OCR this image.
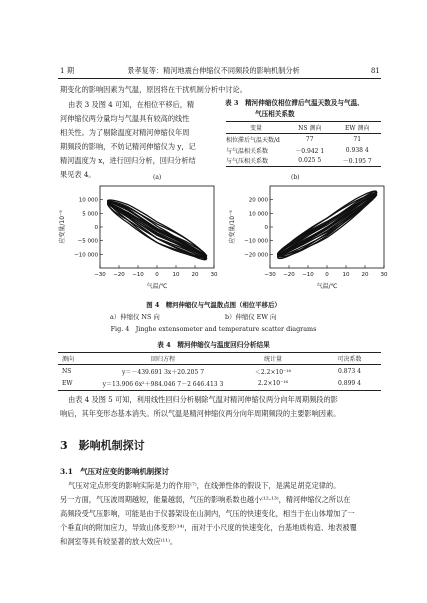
1 期	景孝复等：精河地震台伸缩仪不同频段的影响机制分析	81
期变化的影响因素为气温，原因将在干扰机制分析中讨论。
由表 3 及图 4 可知，在相位平移后，精
河伸缩仪两分量均与气温具有较高的线性
相关性。为了剔除温度对精河伸缩仪年周
期频段的影响，不妨记精河伸缩仪为 y，记
精河温度为 x，进行回归分析，回归分析结
果见表 4。
表 3　精河伸缩仪相位滞后气温天数及与气温、
气压相关系数
变量	NS 测向	EW 测向
相位滞后气温天数/d	77	71
与气温相关系数	－0.942 1	0.938 4
与气压相关系数	0.025 5	－0.195 7
(a)	(b)
−30 −20 −10 0	10 20 30
10 000
5 000
0
−5 000
−10 000
气温/℃
应变量/10⁻⁹
−30 −20 −10 0	10 20 30
20 000
10 000
0
−10 000
−20 000
气温/℃
应变量/10⁻⁹
图 4　精河伸缩仪与气温散点图（相位平移后）
a）伸缩仪 NS 向	b）伸缩仪 EW 向
Fig. 4　Jinghe extensometer and temperature scatter diagrams
表 4　精河伸缩仪与温度回归分析结果
测向	回归方程	统计量	可决系数
NS	y＝－439.691 3x＋20.205 7	＜2.2×10⁻¹⁶	0.873 4
EW	y＝13.906 6x²＋984.046 7－2 646.413 3	2.2×10⁻¹⁶	0.899 4
由表 4 及图 5 可知，利用线性回归分析剔除气温对精河伸缩仪两分向年周期频段的影
响后，其年变形态基本消失。所以气温是精河伸缩仪两分向年周期频段的主要影响因素。
3　影响机制探讨
3.1　气压对应变的影响机制探讨
气压对定点形变的影响实际是力的作用⁽⁷⁾，在线弹性体的假设下，是满足胡克定律的。
另一方面，气压波周期越短，能量越弱，气压的影响系数也越小⁽¹²·¹³⁾，精河伸缩仪之所以在
高频段受气压影响，可能是由于仪器架设在山洞内，气压的快速变化，相当于在山体增加了一
个垂直向的附加应力，导致山体变形⁽¹⁴⁾，而对于小尺度的快速变化，台基地质构造、地表被覆
和洞室等具有较显著的放大效应⁽¹¹⁾。
